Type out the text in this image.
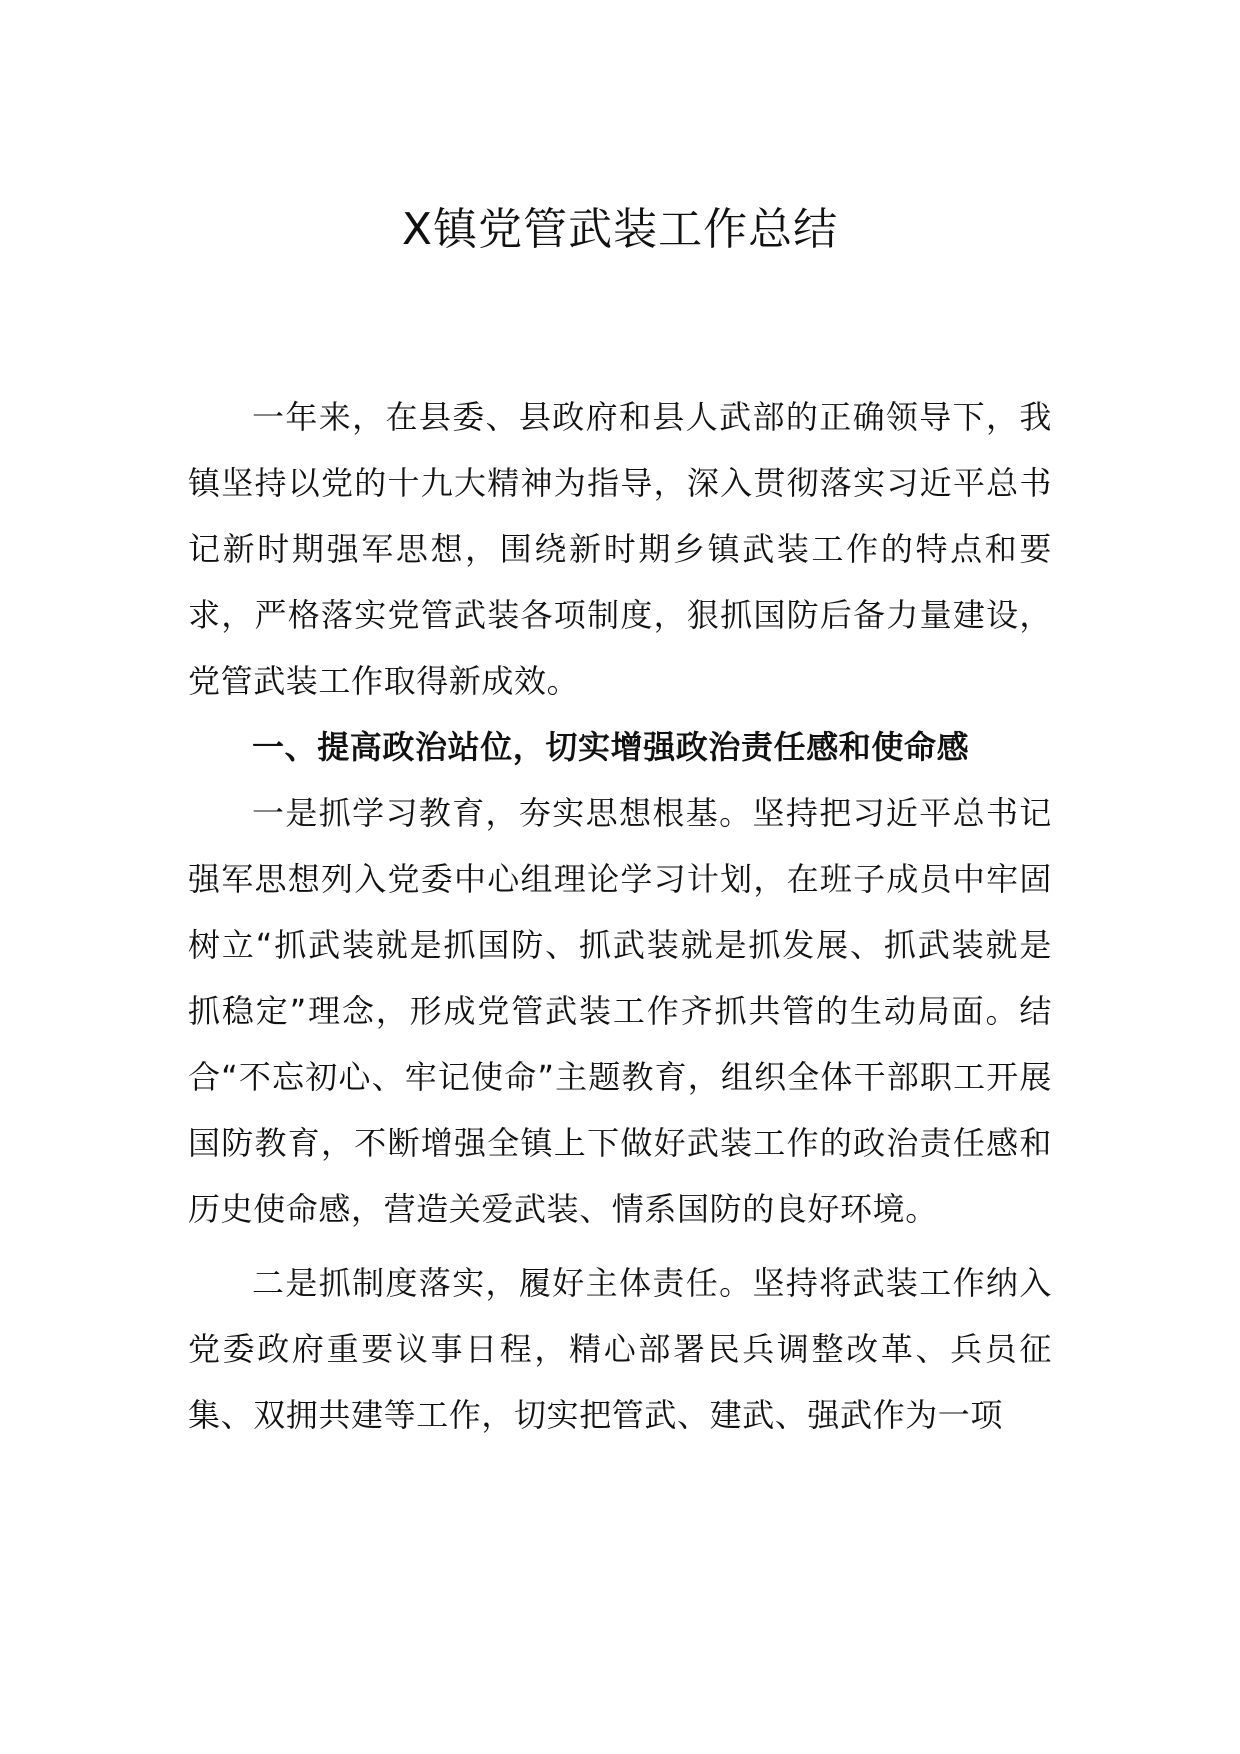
X镇党管武装工作总结

一年来，在县委、县政府和县人武部的正确领导下，我镇坚持以党的十九大精神为指导，深入贯彻落实习近平总书记新时期强军思想，围绕新时期乡镇武装工作的特点和要求，严格落实党管武装各项制度，狠抓国防后备力量建设，党管武装工作取得新成效。

一、提高政治站位，切实增强政治责任感和使命感

一是抓学习教育，夯实思想根基。坚持把习近平总书记强军思想列入党委中心组理论学习计划，在班子成员中牢固树立“抓武装就是抓国防、抓武装就是抓发展、抓武装就是抓稳定”理念，形成党管武装工作齐抓共管的生动局面。结合“不忘初心、牢记使命”主题教育，组织全体干部职工开展国防教育，不断增强全镇上下做好武装工作的政治责任感和历史使命感，营造关爱武装、情系国防的良好环境。

二是抓制度落实，履好主体责任。坚持将武装工作纳入党委政府重要议事日程，精心部署民兵调整改革、兵员征集、双拥共建等工作，切实把管武、建武、强武作为一项
